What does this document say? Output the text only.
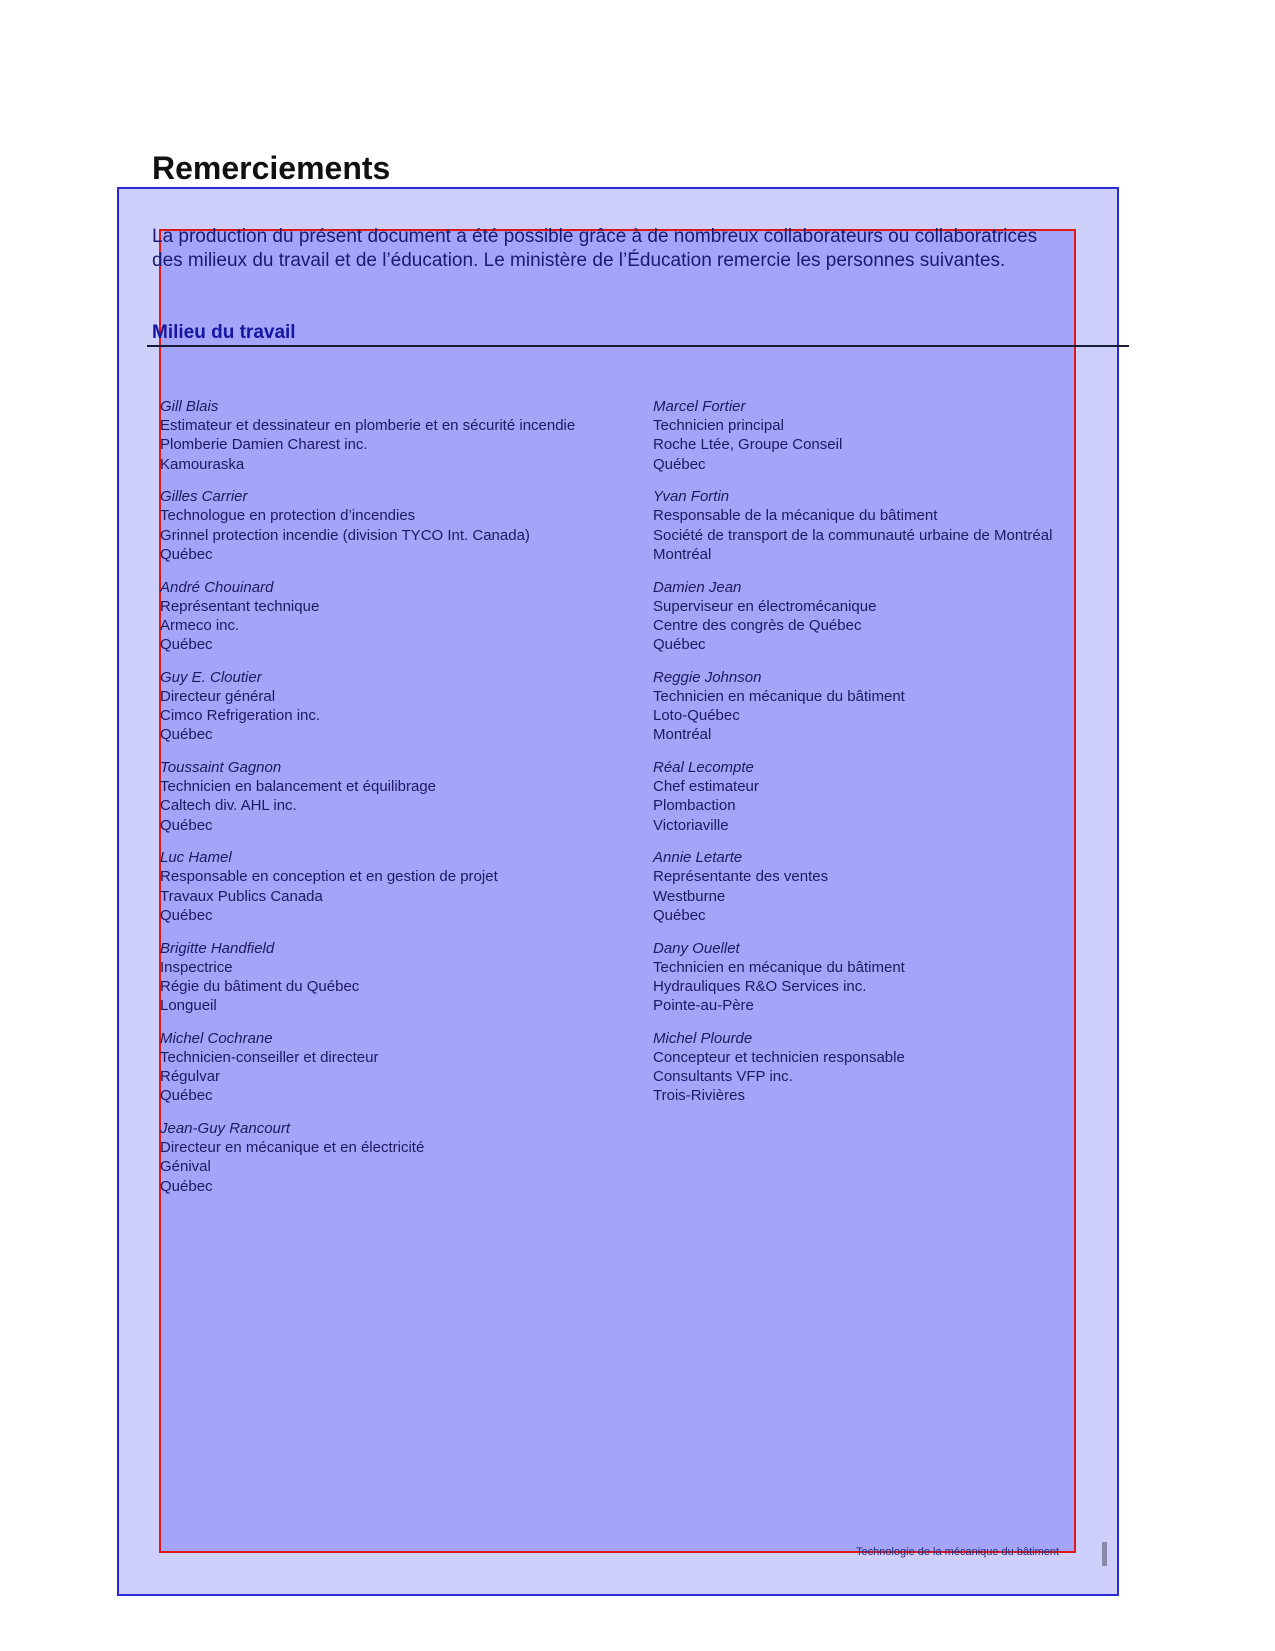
Remerciements
La production du présent document a été possible grâce à de nombreux collaborateurs ou collaboratrices
des milieux du travail et de l’éducation. Le ministère de l’Éducation remercie les personnes suivantes.
Milieu du travail
Gill Blais
Estimateur et dessinateur en plomberie et en sécurité incendie
Plomberie Damien Charest inc.
Kamouraska
Gilles Carrier
Technologue en protection d’incendies
Grinnel protection incendie (division TYCO Int. Canada)
Québec
André Chouinard
Représentant technique
Armeco inc.
Québec
Guy E. Cloutier
Directeur général
Cimco Refrigeration inc.
Québec
Toussaint Gagnon
Technicien en balancement et équilibrage
Caltech div. AHL inc.
Québec
Luc Hamel
Responsable en conception et en gestion de projet
Travaux Publics Canada
Québec
Brigitte Handfield
Inspectrice
Régie du bâtiment du Québec
Longueil
Michel Cochrane
Technicien-conseiller et directeur
Régulvar
Québec
Jean-Guy Rancourt
Directeur en mécanique et en électricité
Génival
Québec
Marcel Fortier
Technicien principal
Roche Ltée, Groupe Conseil
Québec
Yvan Fortin
Responsable de la mécanique du bâtiment
Société de transport de la communauté urbaine de Montréal
Montréal
Damien Jean
Superviseur en électromécanique
Centre des congrès de Québec
Québec
Reggie Johnson
Technicien en mécanique du bâtiment
Loto-Québec
Montréal
Réal Lecompte
Chef estimateur
Plombaction
Victoriaville
Annie Letarte
Représentante des ventes
Westburne
Québec
Dany Ouellet
Technicien en mécanique du bâtiment
Hydrauliques R&O Services inc.
Pointe-au-Père
Michel Plourde
Concepteur et technicien responsable
Consultants VFP inc.
Trois-Rivières
Technologie de la mécanique du bâtiment
